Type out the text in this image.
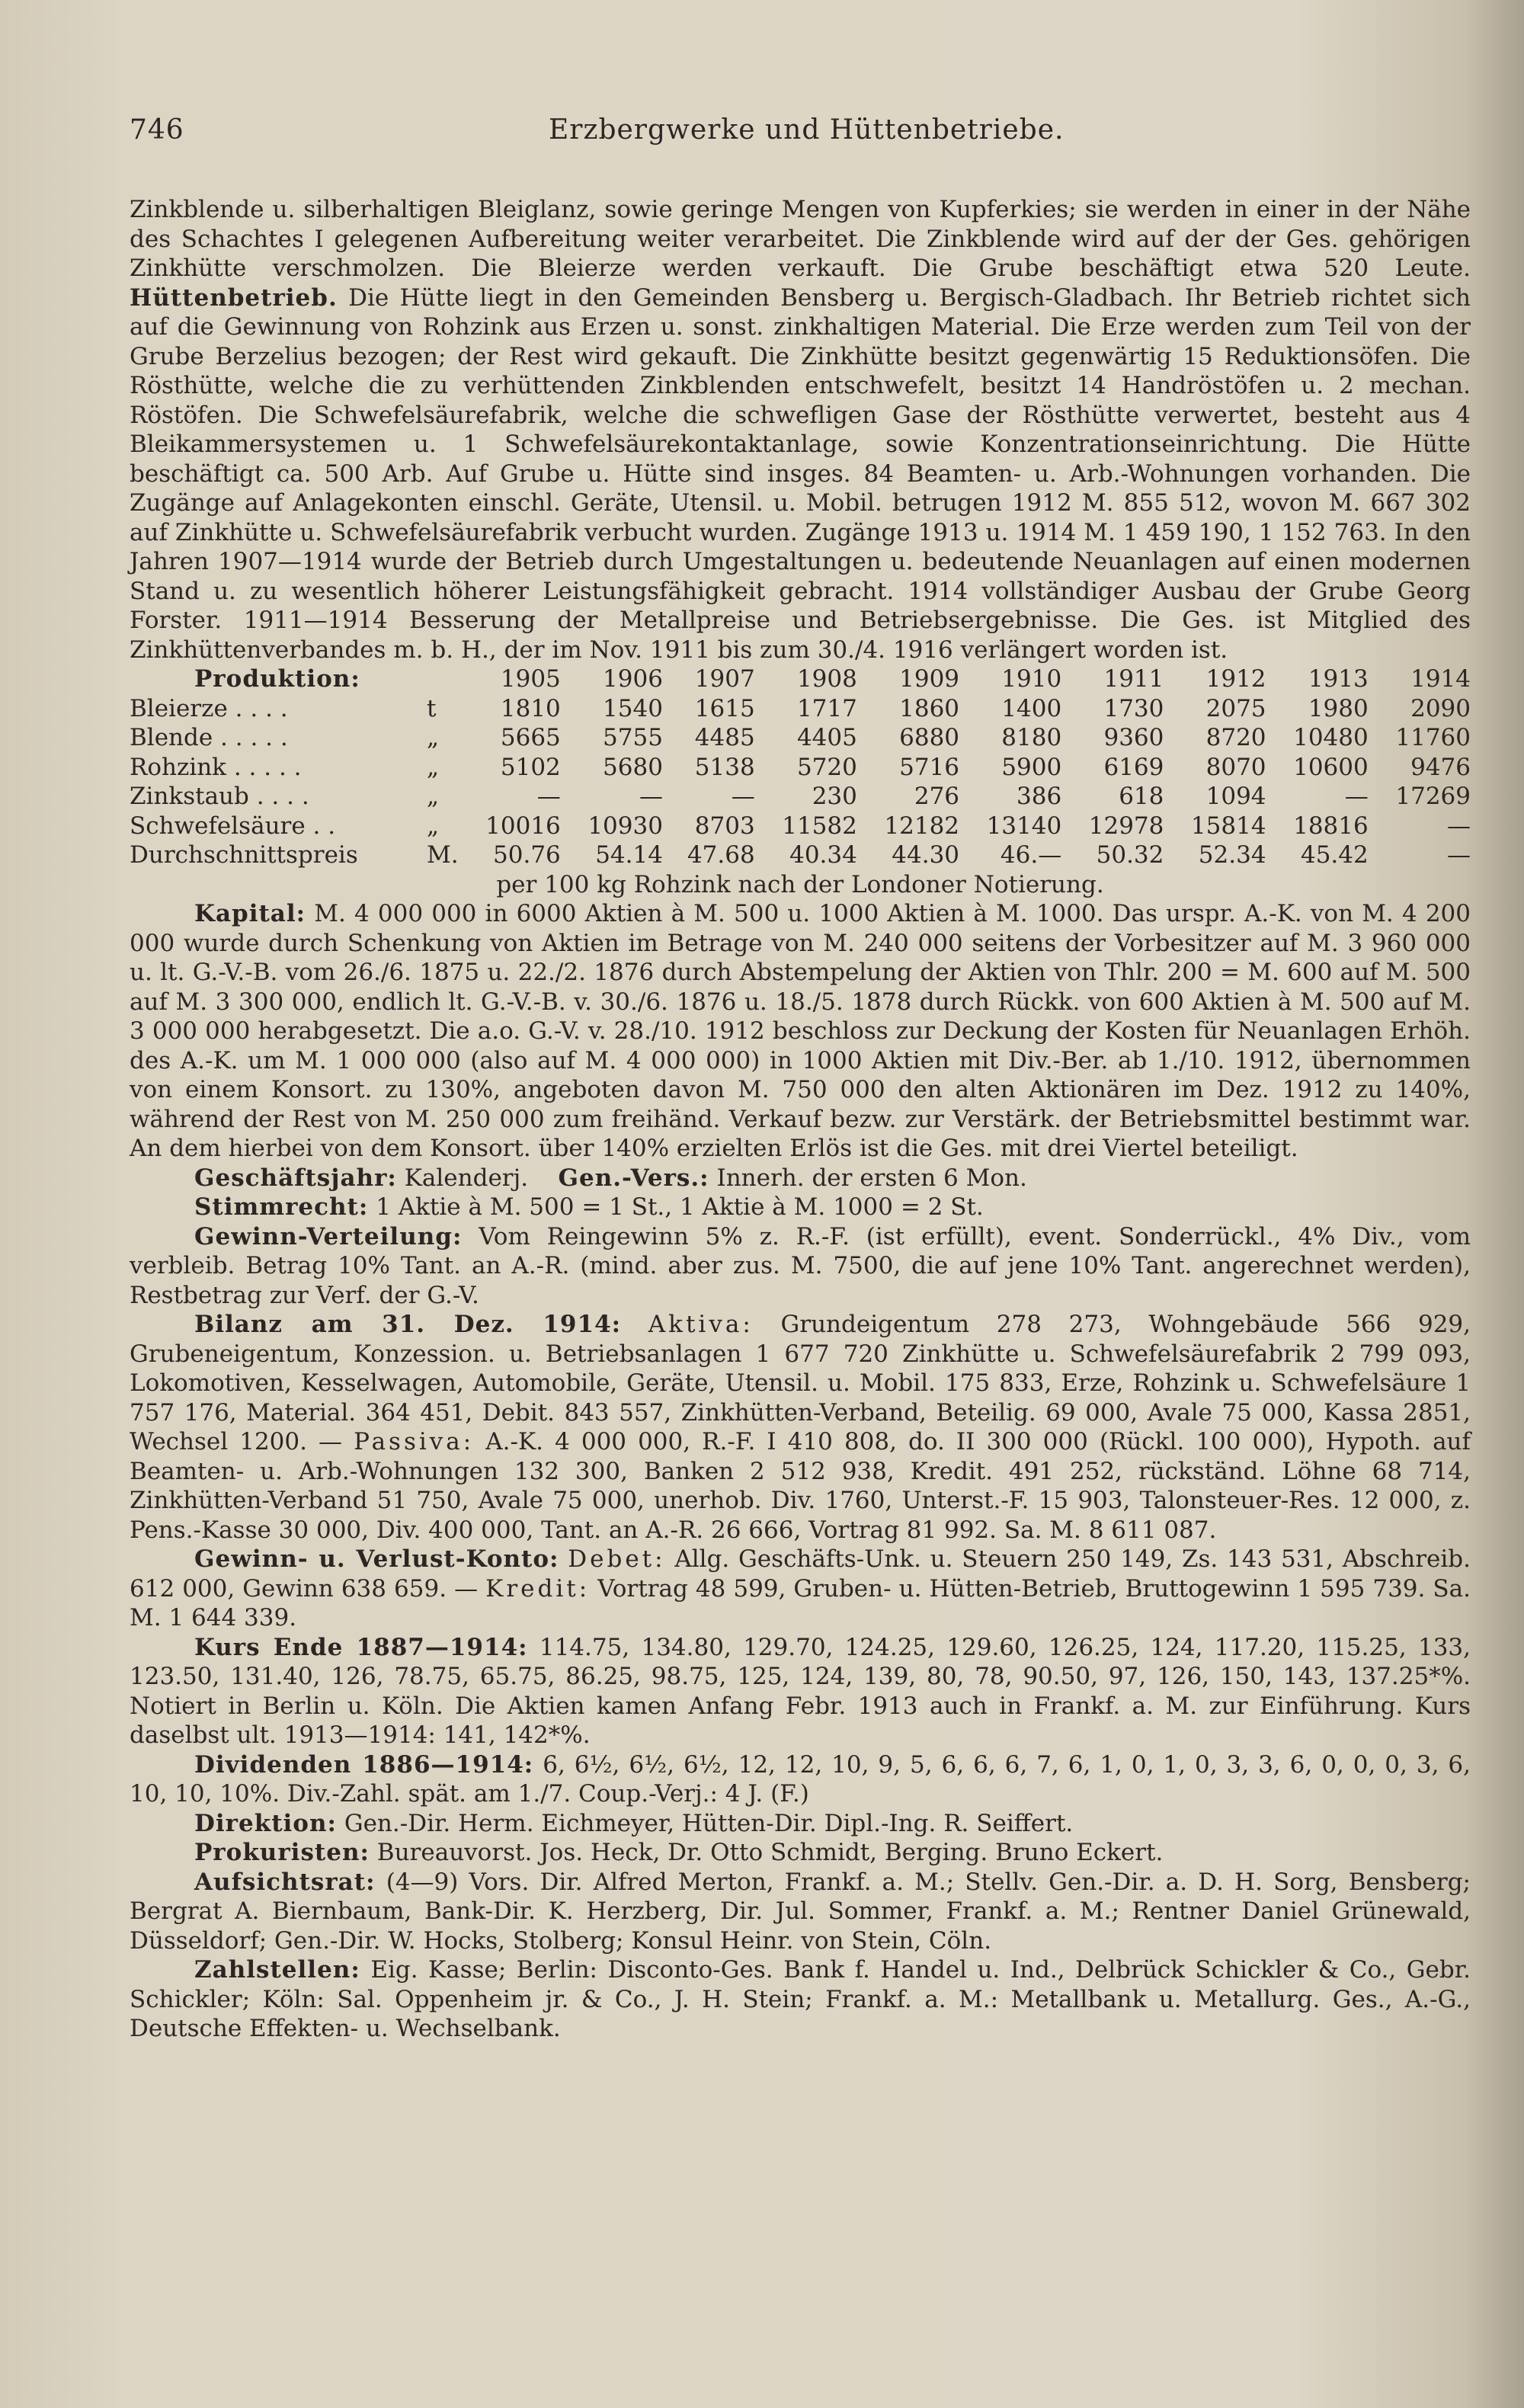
746	Erzbergwerke und Hüttenbetriebe.

Zinkblende u. silberhaltigen Bleiglanz, sowie geringe Mengen von Kupferkies; sie werden in einer in der Nähe des Schachtes I gelegenen Aufbereitung weiter verarbeitet. Die Zinkblende wird auf der der Ges. gehörigen Zinkhütte verschmolzen. Die Bleierze werden verkauft. Die Grube beschäftigt etwa 520 Leute. Hüttenbetrieb. Die Hütte liegt in den Gemeinden Bensberg u. Bergisch-Gladbach. Ihr Betrieb richtet sich auf die Gewinnung von Rohzink aus Erzen u. sonst. zinkhaltigen Material. Die Erze werden zum Teil von der Grube Berzelius bezogen; der Rest wird gekauft. Die Zinkhütte besitzt gegenwärtig 15 Reduktionsöfen. Die Rösthütte, welche die zu verhüttenden Zinkblenden entschwefelt, besitzt 14 Handröstöfen u. 2 mechan. Röstöfen. Die Schwefelsäurefabrik, welche die schwefligen Gase der Rösthütte verwertet, besteht aus 4 Bleikammersystemen u. 1 Schwefelsäurekontaktanlage, sowie Konzentrationseinrichtung. Die Hütte beschäftigt ca. 500 Arb. Auf Grube u. Hütte sind insges. 84 Beamten- u. Arb.-Wohnungen vorhanden. Die Zugänge auf Anlagekonten einschl. Geräte, Utensil. u. Mobil. betrugen 1912 M. 855 512, wovon M. 667 302 auf Zinkhütte u. Schwefelsäurefabrik verbucht wurden. Zugänge 1913 u. 1914 M. 1 459 190, 1 152 763. In den Jahren 1907—1914 wurde der Betrieb durch Umgestaltungen u. bedeutende Neuanlagen auf einen modernen Stand u. zu wesentlich höherer Leistungsfähigkeit gebracht. 1914 vollständiger Ausbau der Grube Georg Forster. 1911—1914 Besserung der Metallpreise und Betriebsergebnisse. Die Ges. ist Mitglied des Zinkhüttenverbandes m. b. H., der im Nov. 1911 bis zum 30./4. 1916 verlängert worden ist.

Produktion:		1905	1906	1907	1908	1909	1910	1911	1912	1913	1914
Bleierze . . . .	t	1810	1540	1615	1717	1860	1400	1730	2075	1980	2090
Blende . . . . .	„	5665	5755	4485	4405	6880	8180	9360	8720	10480	11760
Rohzink . . . . .	„	5102	5680	5138	5720	5716	5900	6169	8070	10600	9476
Zinkstaub . . . .	„	—	—	—	230	276	386	618	1094	—	17269
Schwefelsäure . .	„	10016	10930	8703	11582	12182	13140	12978	15814	18816	—
Durchschnittspreis	M.	50.76	54.14	47.68	40.34	44.30	46.—	50.32	52.34	45.42	—

per 100 kg Rohzink nach der Londoner Notierung.

Kapital: M. 4 000 000 in 6000 Aktien à M. 500 u. 1000 Aktien à M. 1000. Das urspr. A.-K. von M. 4 200 000 wurde durch Schenkung von Aktien im Betrage von M. 240 000 seitens der Vorbesitzer auf M. 3 960 000 u. lt. G.-V.-B. vom 26./6. 1875 u. 22./2. 1876 durch Abstempelung der Aktien von Thlr. 200 = M. 600 auf M. 500 auf M. 3 300 000, endlich lt. G.-V.-B. v. 30./6. 1876 u. 18./5. 1878 durch Rückk. von 600 Aktien à M. 500 auf M. 3 000 000 herabgesetzt. Die a.o. G.-V. v. 28./10. 1912 beschloss zur Deckung der Kosten für Neuanlagen Erhöh. des A.-K. um M. 1 000 000 (also auf M. 4 000 000) in 1000 Aktien mit Div.-Ber. ab 1./10. 1912, übernommen von einem Konsort. zu 130%, angeboten davon M. 750 000 den alten Aktionären im Dez. 1912 zu 140%, während der Rest von M. 250 000 zum freihänd. Verkauf bezw. zur Verstärk. der Betriebsmittel bestimmt war. An dem hierbei von dem Konsort. über 140% erzielten Erlös ist die Ges. mit drei Viertel beteiligt.

Geschäftsjahr: Kalenderj. Gen.-Vers.: Innerh. der ersten 6 Mon.

Stimmrecht: 1 Aktie à M. 500 = 1 St., 1 Aktie à M. 1000 = 2 St.

Gewinn-Verteilung: Vom Reingewinn 5% z. R.-F. (ist erfüllt), event. Sonderrückl., 4% Div., vom verbleib. Betrag 10% Tant. an A.-R. (mind. aber zus. M. 7500, die auf jene 10% Tant. angerechnet werden), Restbetrag zur Verf. der G.-V.

Bilanz am 31. Dez. 1914: Aktiva: Grundeigentum 278 273, Wohngebäude 566 929, Grubeneigentum, Konzession. u. Betriebsanlagen 1 677 720 Zinkhütte u. Schwefelsäurefabrik 2 799 093, Lokomotiven, Kesselwagen, Automobile, Geräte, Utensil. u. Mobil. 175 833, Erze, Rohzink u. Schwefelsäure 1 757 176, Material. 364 451, Debit. 843 557, Zinkhütten-Verband, Beteilig. 69 000, Avale 75 000, Kassa 2851, Wechsel 1200. — Passiva: A.-K. 4 000 000, R.-F. I 410 808, do. II 300 000 (Rückl. 100 000), Hypoth. auf Beamten- u. Arb.-Wohnungen 132 300, Banken 2 512 938, Kredit. 491 252, rückständ. Löhne 68 714, Zinkhütten-Verband 51 750, Avale 75 000, unerhob. Div. 1760, Unterst.-F. 15 903, Talonsteuer-Res. 12 000, z. Pens.-Kasse 30 000, Div. 400 000, Tant. an A.-R. 26 666, Vortrag 81 992. Sa. M. 8 611 087.

Gewinn- u. Verlust-Konto: Debet: Allg. Geschäfts-Unk. u. Steuern 250 149, Zs. 143 531, Abschreib. 612 000, Gewinn 638 659. — Kredit: Vortrag 48 599, Gruben- u. Hütten-Betrieb, Bruttogewinn 1 595 739. Sa. M. 1 644 339.

Kurs Ende 1887—1914: 114.75, 134.80, 129.70, 124.25, 129.60, 126.25, 124, 117.20, 115.25, 133, 123.50, 131.40, 126, 78.75, 65.75, 86.25, 98.75, 125, 124, 139, 80, 78, 90.50, 97, 126, 150, 143, 137.25*%. Notiert in Berlin u. Köln. Die Aktien kamen Anfang Febr. 1913 auch in Frankf. a. M. zur Einführung. Kurs daselbst ult. 1913—1914: 141, 142*%.

Dividenden 1886—1914: 6, 6½, 6½, 6½, 12, 12, 10, 9, 5, 6, 6, 6, 7, 6, 1, 0, 1, 0, 3, 3, 6, 0, 0, 0, 3, 6, 10, 10, 10%. Div.-Zahl. spät. am 1./7. Coup.-Verj.: 4 J. (F.)

Direktion: Gen.-Dir. Herm. Eichmeyer, Hütten-Dir. Dipl.-Ing. R. Seiffert.

Prokuristen: Bureauvorst. Jos. Heck, Dr. Otto Schmidt, Berging. Bruno Eckert.

Aufsichtsrat: (4—9) Vors. Dir. Alfred Merton, Frankf. a. M.; Stellv. Gen.-Dir. a. D. H. Sorg, Bensberg; Bergrat A. Biernbaum, Bank-Dir. K. Herzberg, Dir. Jul. Sommer, Frankf. a. M.; Rentner Daniel Grünewald, Düsseldorf; Gen.-Dir. W. Hocks, Stolberg; Konsul Heinr. von Stein, Cöln.

Zahlstellen: Eig. Kasse; Berlin: Disconto-Ges. Bank f. Handel u. Ind., Delbrück Schickler & Co., Gebr. Schickler; Köln: Sal. Oppenheim jr. & Co., J. H. Stein; Frankf. a. M.: Metallbank u. Metallurg. Ges., A.-G., Deutsche Effekten- u. Wechselbank.
